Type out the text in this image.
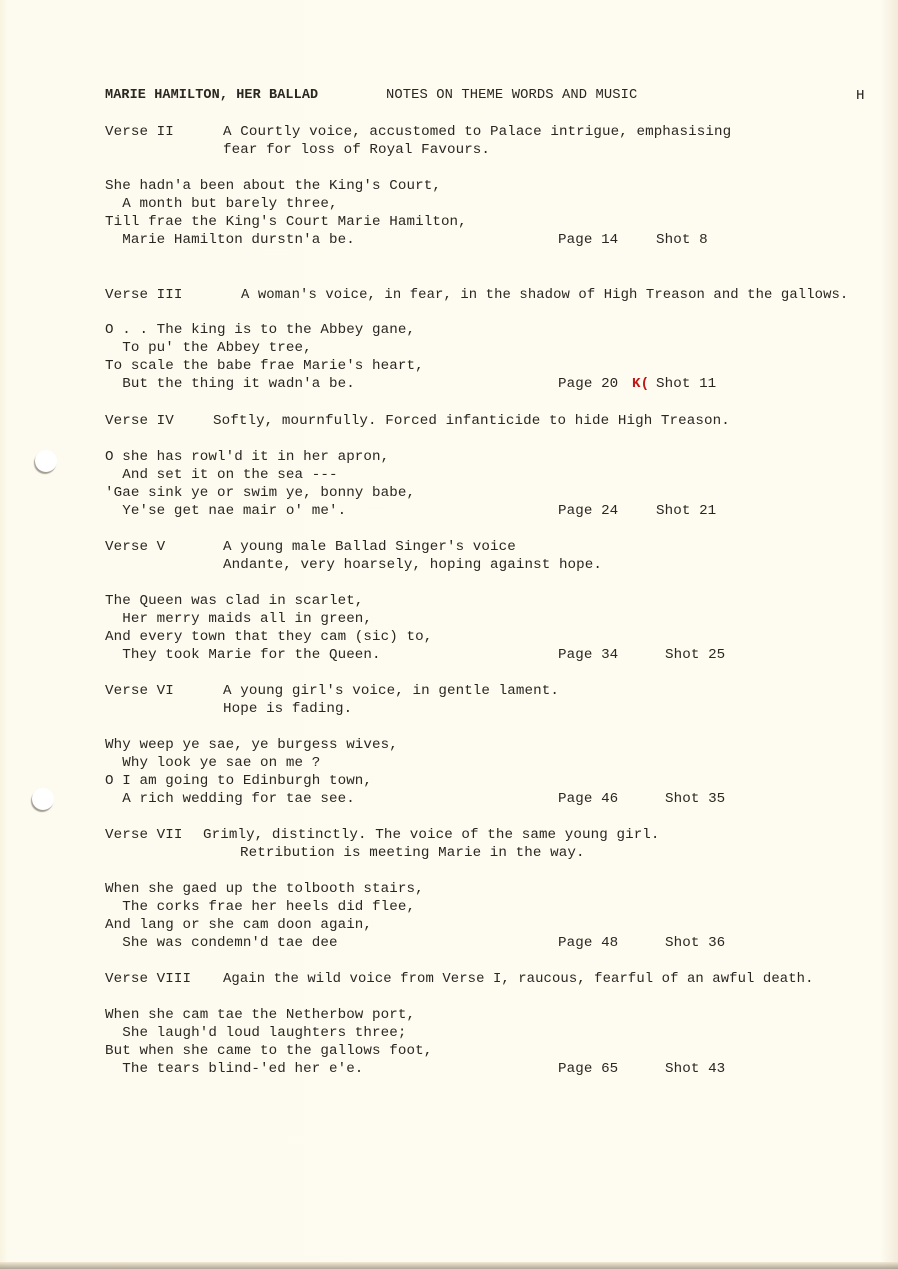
MARIE HAMILTON, HER BALLAD	NOTES ON THEME WORDS AND MUSIC	H
Verse II	A Courtly voice, accustomed to Palace intrigue, emphasising
fear for loss of Royal Favours.
She hadn'a been about the King's Court,
A month but barely three,
Till frae the King's Court Marie Hamilton,
Marie Hamilton durstn'a be.	Page 14	Shot 8
Verse III	A woman's voice, in fear, in the shadow of High Treason and the gallows.
O . . The king is to the Abbey gane,
To pu' the Abbey tree,
To scale the babe frae Marie's heart,
But the thing it wadn'a be.	Page 20 K( Shot 11
Verse IV	Softly, mournfully. Forced infanticide to hide High Treason.
O she has rowl'd it in her apron,
And set it on the sea ---
'Gae sink ye or swim ye, bonny babe,
Ye'se get nae mair o' me'.	Page 24	Shot 21
Verse V	A young male Ballad Singer's voice
Andante, very hoarsely, hoping against hope.
The Queen was clad in scarlet,
Her merry maids all in green,
And every town that they cam (sic) to,
They took Marie for the Queen.	Page 34	Shot 25
Verse VI	A young girl's voice, in gentle lament.
Hope is fading.
Why weep ye sae, ye burgess wives,
Why look ye sae on me ?
O I am going to Edinburgh town,
A rich wedding for tae see.	Page 46	Shot 35
Verse VII Grimly, distinctly. The voice of the same young girl.
Retribution is meeting Marie in the way.
When she gaed up the tolbooth stairs,
The corks frae her heels did flee,
And lang or she cam doon again,
She was condemn'd tae dee	Page 48	Shot 36
Verse VIII Again the wild voice from Verse I, raucous, fearful of an awful death.
When she cam tae the Netherbow port,
She laugh'd loud laughters three;
But when she came to the gallows foot,
The tears blind-'ed her e'e.	Page 65	Shot 43
